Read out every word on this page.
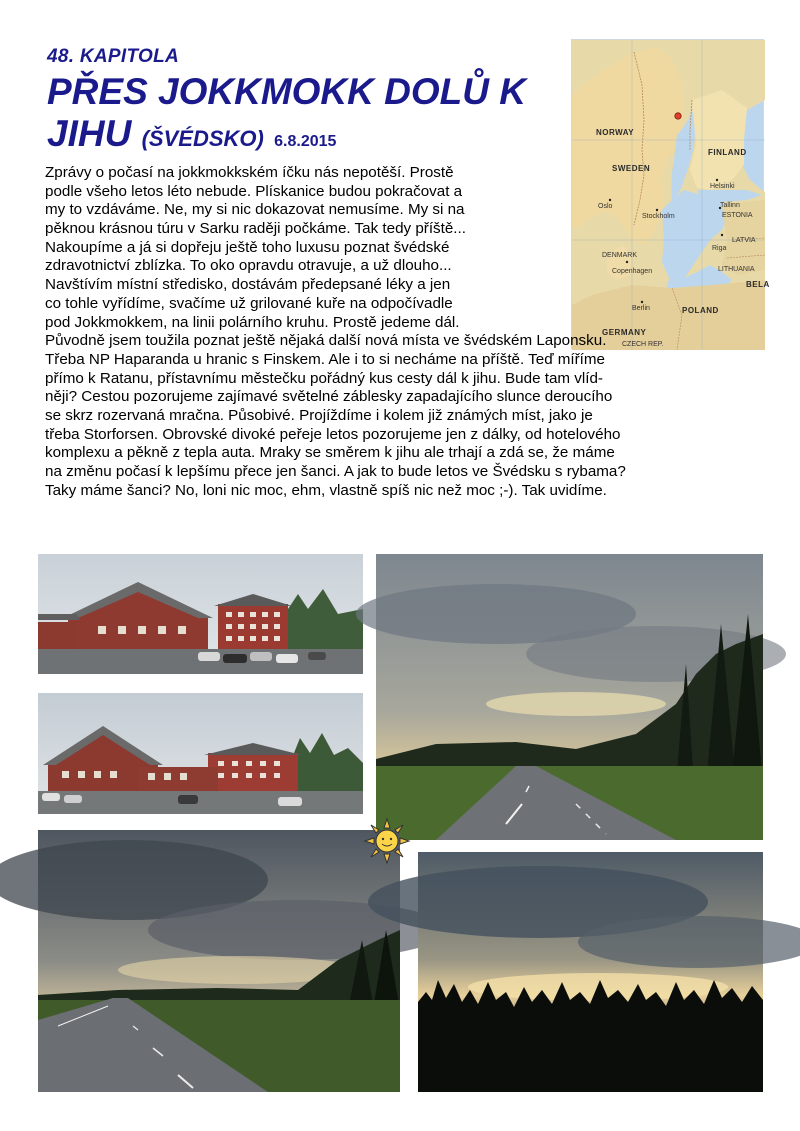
48. KAPITOLA
PŘES JOKKMOKK DOLŮ K
JIHU (ŠVÉDSKO) 6.8.2015
NORWAY
SWEDEN
FINLAND
Oslo
Stockholm
Helsinki
Tallinn
ESTONIA
LATVIA
Riga
LITHUANIA
DENMARK
Copenhagen
Berlin	POLAND
GERMANY
BELA
CZECH REP.
Zprávy o počasí na jokkmokkském íčku nás nepotěší. Prostě
podle všeho letos léto nebude. Plískanice budou pokračovat a
my to vzdáváme. Ne, my si nic dokazovat nemusíme. My si na
pěknou krásnou túru v Sarku raději počkáme. Tak tedy příště...
Nakoupíme a já si dopřeju ještě toho luxusu poznat švédské
zdravotnictví zblízka. To oko opravdu otravuje, a už dlouho...
Navštívím místní středisko, dostávám předepsané léky a jen
co tohle vyřídíme, svačíme už grilované kuře na odpočívadle
pod Jokkmokkem, na linii polárního kruhu. Prostě jedeme dál.
Původně jsem toužila poznat ještě nějaká další nová místa ve švédském Laponsku.
Třeba NP Haparanda u hranic s Finskem. Ale i to si necháme na příště. Teď míříme
přímo k Ratanu, přístavnímu městečku pořádný kus cesty dál k jihu. Bude tam vlíd-
něji? Cestou pozorujeme zajímavé světelné záblesky zapadajícího slunce deroucího
se skrz rozervaná mračna. Působivé. Projíždíme i kolem již známých míst, jako je
třeba Storforsen. Obrovské divoké peřeje letos pozorujeme jen z dálky, od hotelového
komplexu a pěkně z tepla auta. Mraky se směrem k jihu ale trhají a zdá se, že máme
na změnu počasí k lepšímu přece jen šanci. A jak to bude letos ve Švédsku s rybama?
Taky máme šanci? No, loni nic moc, ehm, vlastně spíš nic než moc ;-). Tak uvidíme.
